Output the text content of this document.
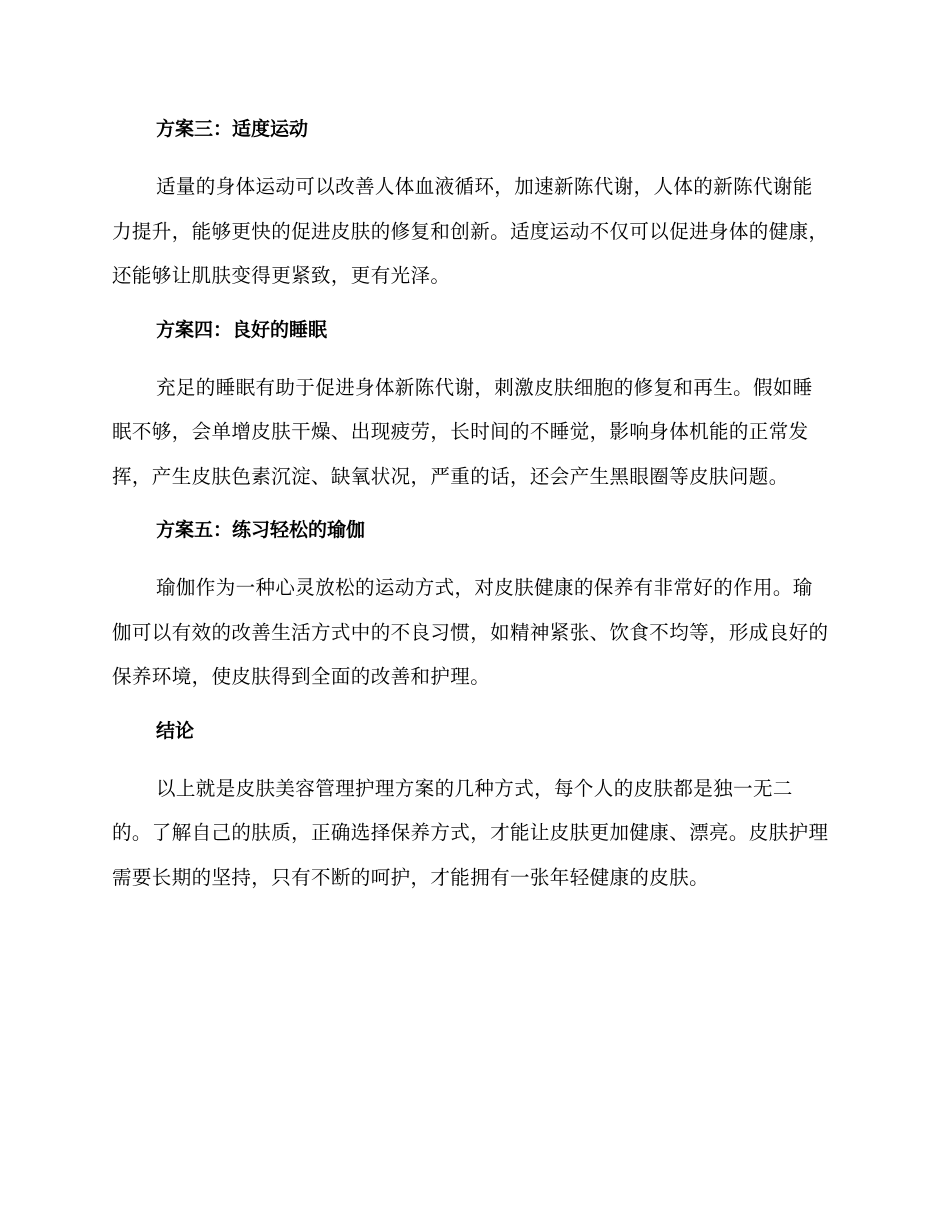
方案三：适度运动

适量的身体运动可以改善人体血液循环，加速新陈代谢，人体的新陈代谢能力提升，能够更快的促进皮肤的修复和创新。适度运动不仅可以促进身体的健康，还能够让肌肤变得更紧致，更有光泽。

方案四：良好的睡眠

充足的睡眠有助于促进身体新陈代谢，刺激皮肤细胞的修复和再生。假如睡眠不够，会单增皮肤干燥、出现疲劳，长时间的不睡觉，影响身体机能的正常发挥，产生皮肤色素沉淀、缺氧状况，严重的话，还会产生黑眼圈等皮肤问题。

方案五：练习轻松的瑜伽

瑜伽作为一种心灵放松的运动方式，对皮肤健康的保养有非常好的作用。瑜伽可以有效的改善生活方式中的不良习惯，如精神紧张、饮食不均等，形成良好的保养环境，使皮肤得到全面的改善和护理。

结论

以上就是皮肤美容管理护理方案的几种方式，每个人的皮肤都是独一无二的。了解自己的肤质，正确选择保养方式，才能让皮肤更加健康、漂亮。皮肤护理需要长期的坚持，只有不断的呵护，才能拥有一张年轻健康的皮肤。
